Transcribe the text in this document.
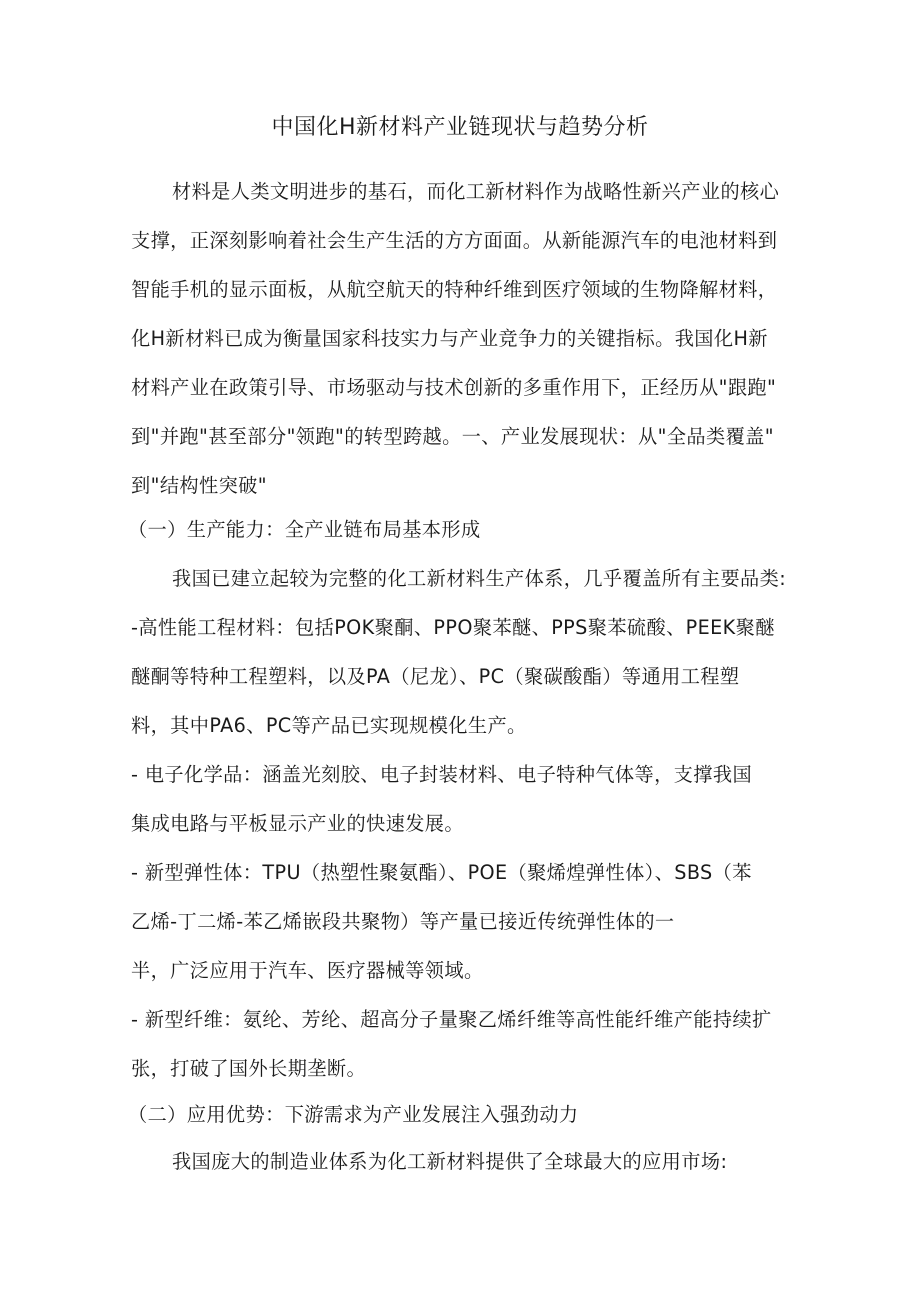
中国化H新材料产业链现状与趋势分析
材料是人类文明进步的基石，而化工新材料作为战略性新兴产业的核心
支撑，正深刻影响着社会生产生活的方方面面。从新能源汽车的电池材料到
智能手机的显示面板，从航空航天的特种纤维到医疗领域的生物降解材料，
化H新材料已成为衡量国家科技实力与产业竞争力的关键指标。我国化H新
材料产业在政策引导、市场驱动与技术创新的多重作用下，正经历从"跟跑"
到"并跑"甚至部分"领跑"的转型跨越。一、产业发展现状：从"全品类覆盖"
到"结构性突破"
（一）生产能力：全产业链布局基本形成
我国已建立起较为完整的化工新材料生产体系，几乎覆盖所有主要品类:
-高性能工程材料：包括POK聚酮、PPO聚苯醚、PPS聚苯硫酸、PEEK聚醚
醚酮等特种工程塑料，以及PA（尼龙）、PC（聚碳酸酯）等通用工程塑
料，其中PA6、PC等产品已实现规模化生产。
- 电子化学品：涵盖光刻胶、电子封装材料、电子特种气体等，支撑我国
集成电路与平板显示产业的快速发展。
- 新型弹性体：TPU（热塑性聚氨酯）、POE（聚烯煌弹性体）、SBS（苯
乙烯-丁二烯-苯乙烯嵌段共聚物）等产量已接近传统弹性体的一
半，广泛应用于汽车、医疗器械等领域。
- 新型纤维：氨纶、芳纶、超高分子量聚乙烯纤维等高性能纤维产能持续扩
张，打破了国外长期垄断。
（二）应用优势：下游需求为产业发展注入强劲动力
我国庞大的制造业体系为化工新材料提供了全球最大的应用市场:
